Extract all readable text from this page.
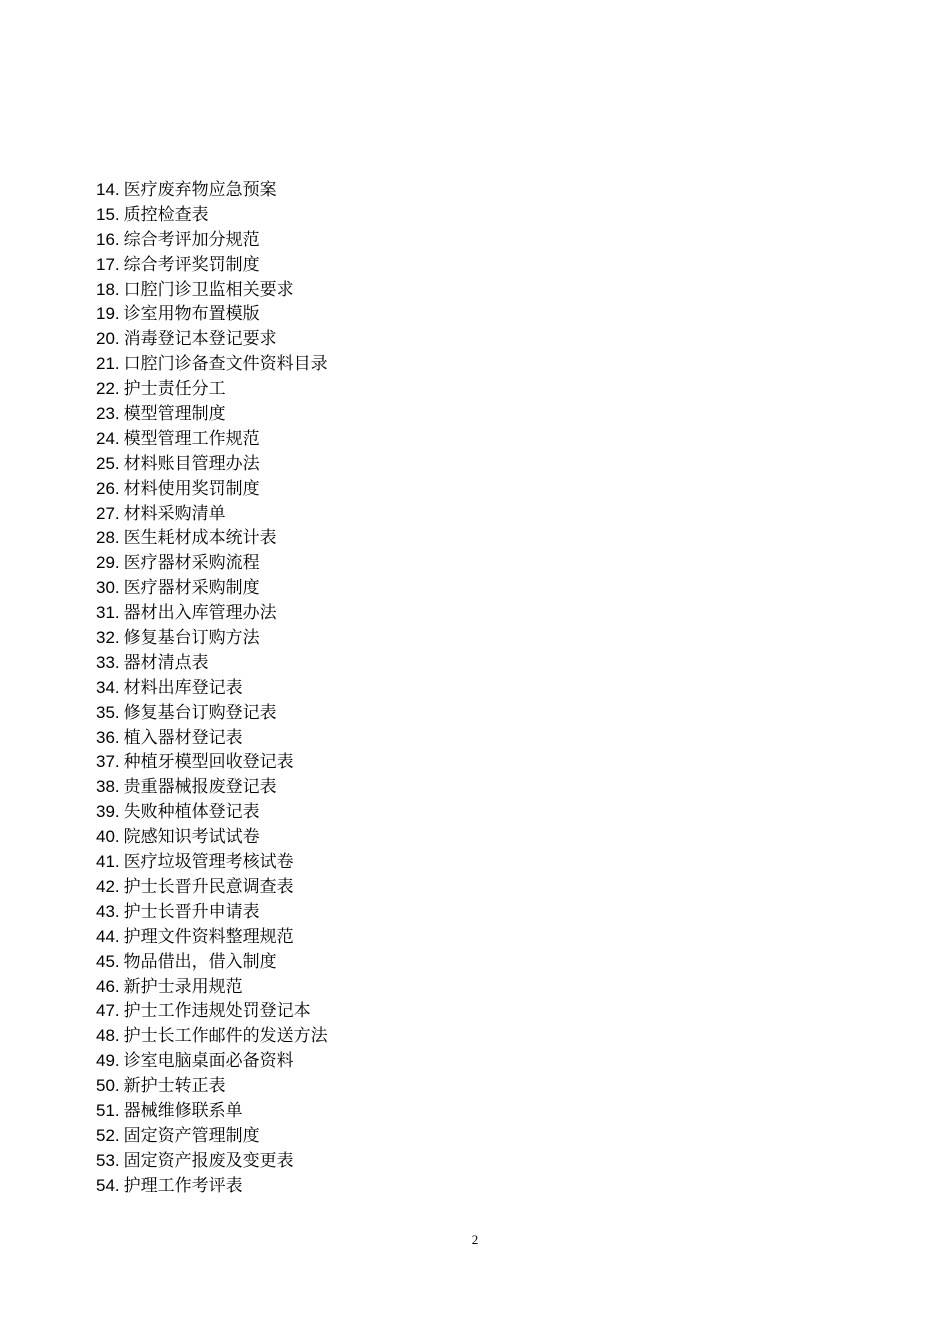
14. 医疗废弃物应急预案
15. 质控检查表
16. 综合考评加分规范
17. 综合考评奖罚制度
18. 口腔门诊卫监相关要求
19. 诊室用物布置模版
20. 消毒登记本登记要求
21. 口腔门诊备查文件资料目录
22. 护士责任分工
23. 模型管理制度
24. 模型管理工作规范
25. 材料账目管理办法
26. 材料使用奖罚制度
27. 材料采购清单
28. 医生耗材成本统计表
29. 医疗器材采购流程
30. 医疗器材采购制度
31. 器材出入库管理办法
32. 修复基台订购方法
33. 器材清点表
34. 材料出库登记表
35. 修复基台订购登记表
36. 植入器材登记表
37. 种植牙模型回收登记表
38. 贵重器械报废登记表
39. 失败种植体登记表
40. 院感知识考试试卷
41. 医疗垃圾管理考核试卷
42. 护士长晋升民意调查表
43. 护士长晋升申请表
44. 护理文件资料整理规范
45. 物品借出，借入制度
46. 新护士录用规范
47. 护士工作违规处罚登记本
48. 护士长工作邮件的发送方法
49. 诊室电脑桌面必备资料
50. 新护士转正表
51. 器械维修联系单
52. 固定资产管理制度
53. 固定资产报废及变更表
54. 护理工作考评表
2
